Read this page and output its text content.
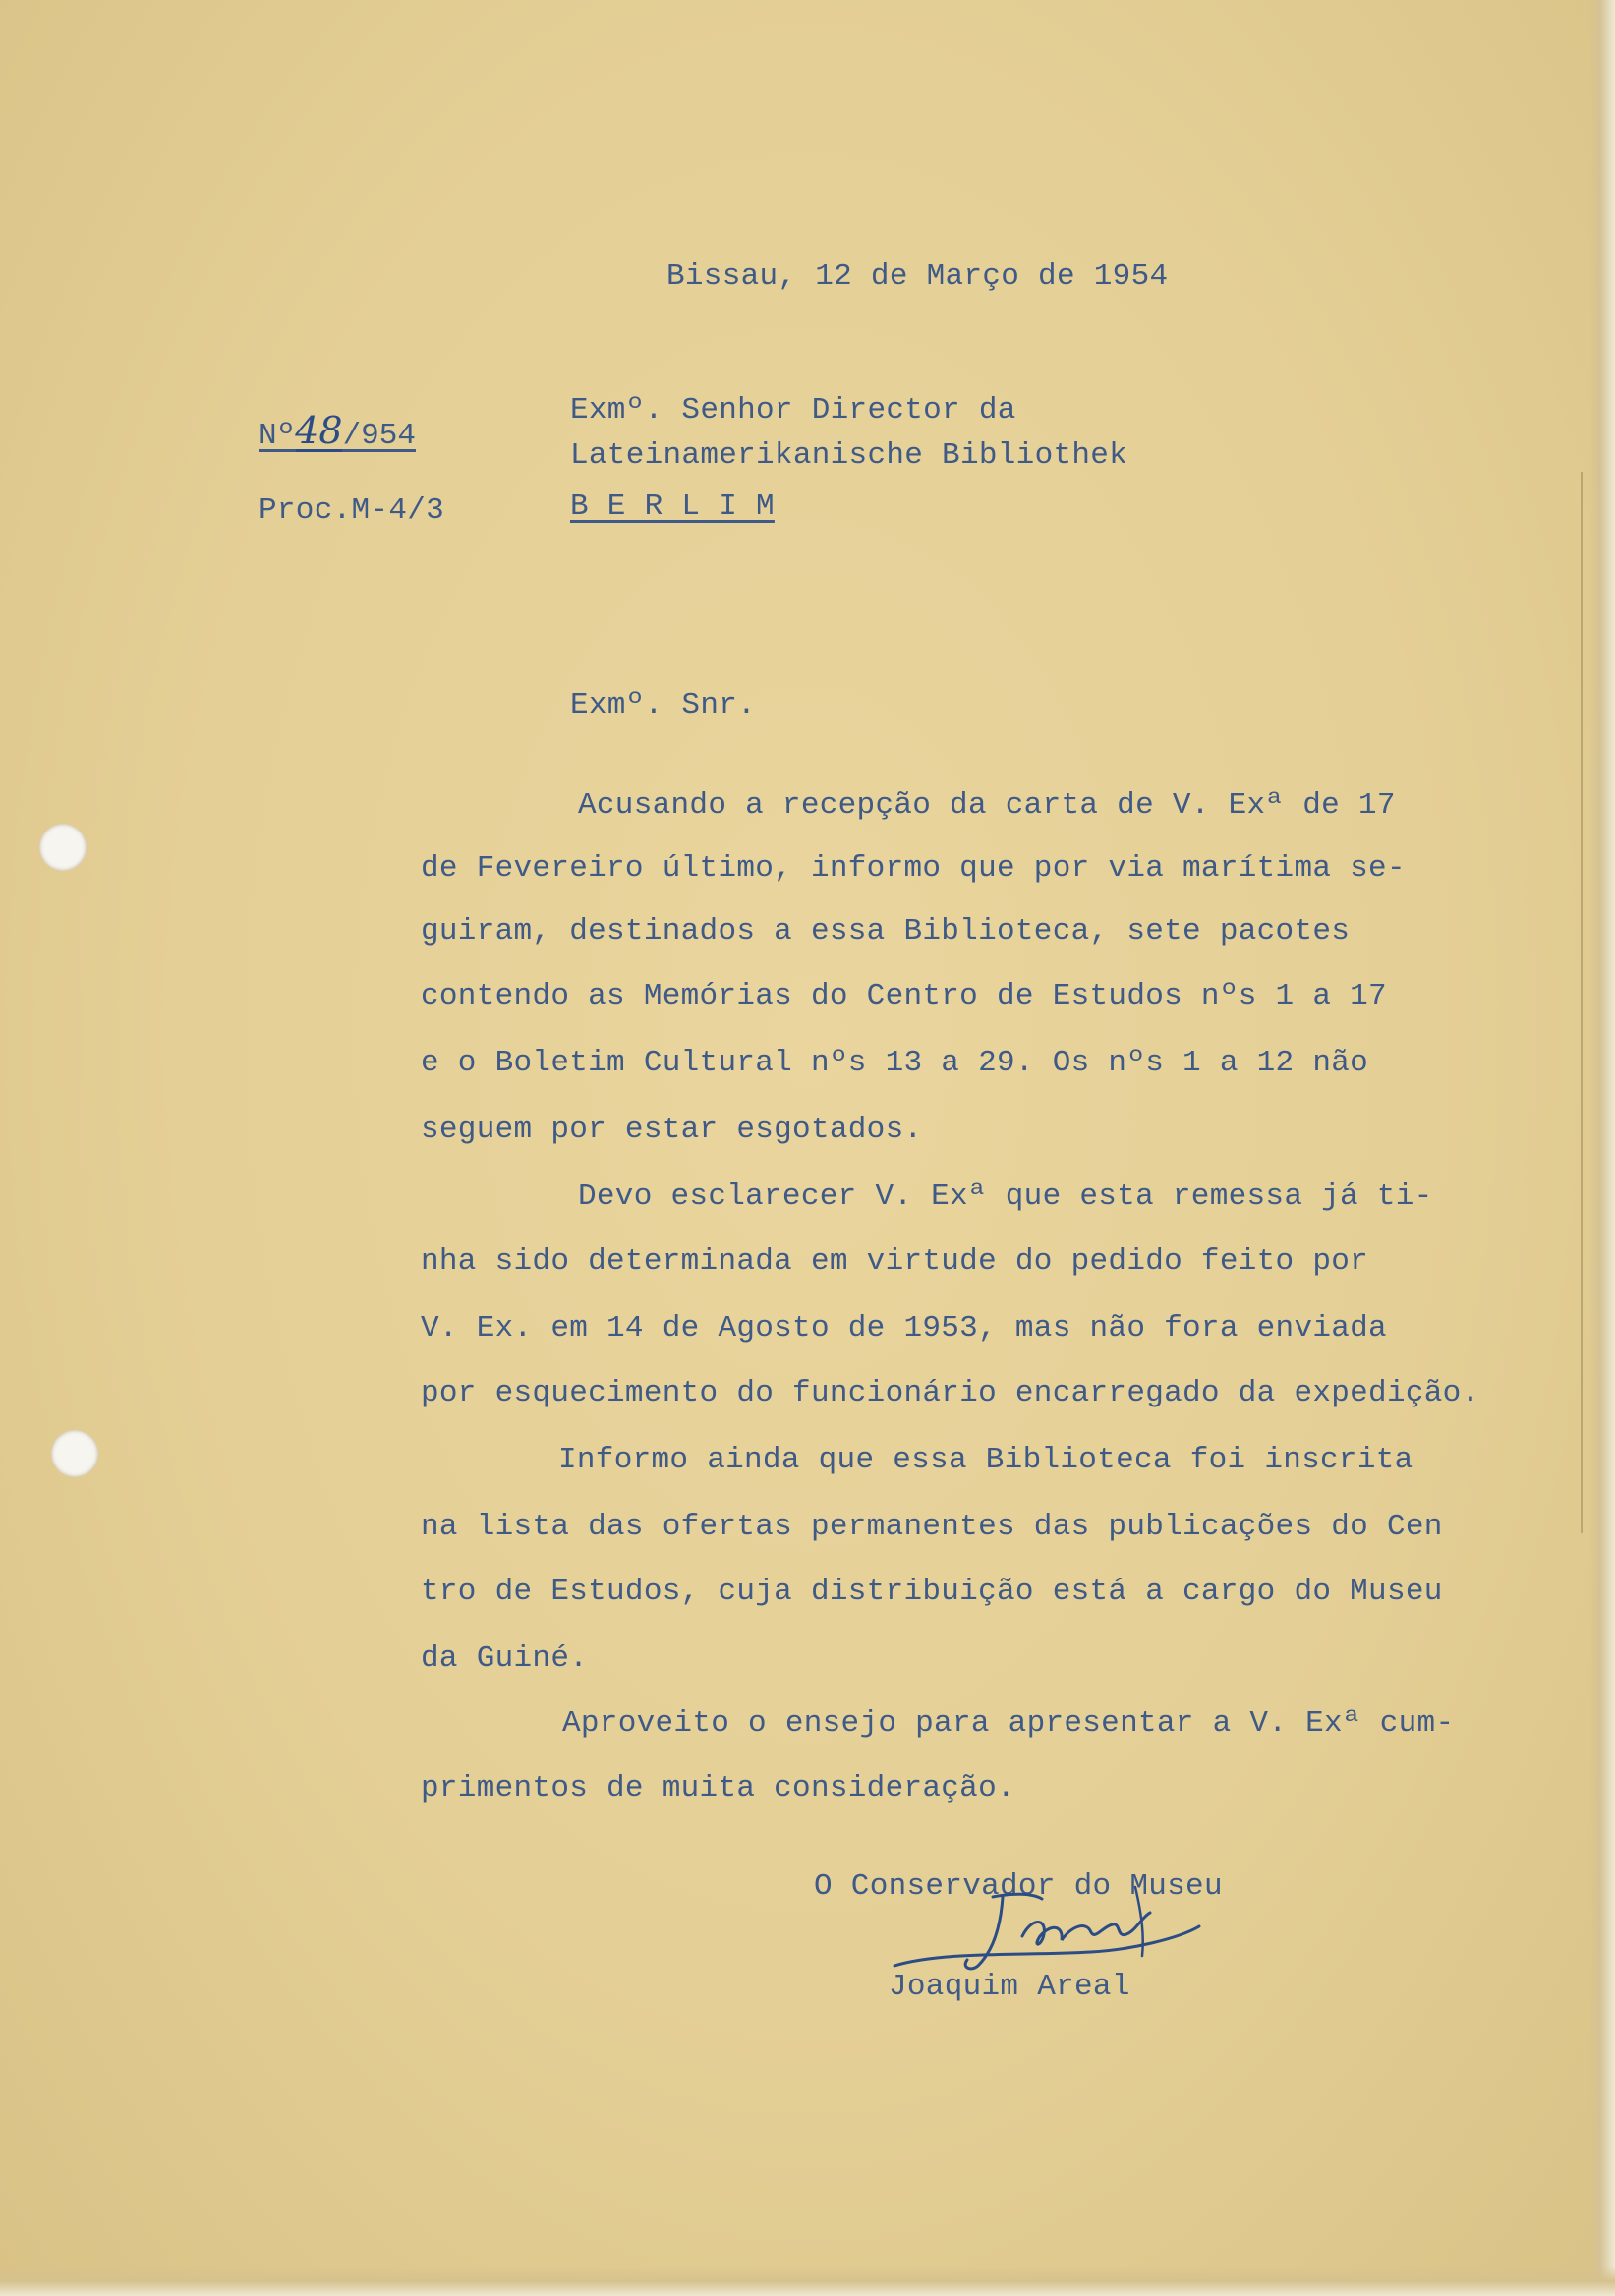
Bissau, 12 de Março de 1954
Nº48/954
Proc.M-4/3
Exmº. Senhor Director da
Lateinamerikanische Bibliothek
B E R L I M
Exmº. Snr.
Acusando a recepção da carta de V. Exª de 17
de Fevereiro último, informo que por via marítima se-
guiram, destinados a essa Biblioteca, sete pacotes
contendo as Memórias do Centro de Estudos nºs 1 a 17
e o Boletim Cultural nºs 13 a 29. Os nºs 1 a 12 não
seguem por estar esgotados.
Devo esclarecer V. Exª que esta remessa já ti-
nha sido determinada em virtude do pedido feito por
V. Ex. em 14 de Agosto de 1953, mas não fora enviada
por esquecimento do funcionário encarregado da expedição.
Informo ainda que essa Biblioteca foi inscrita
na lista das ofertas permanentes das publicações do Cen
tro de Estudos, cuja distribuição está a cargo do Museu
da Guiné.
Aproveito o ensejo para apresentar a V. Exª cum-
primentos de muita consideração.
O Conservador do Museu
Joaquim Areal
